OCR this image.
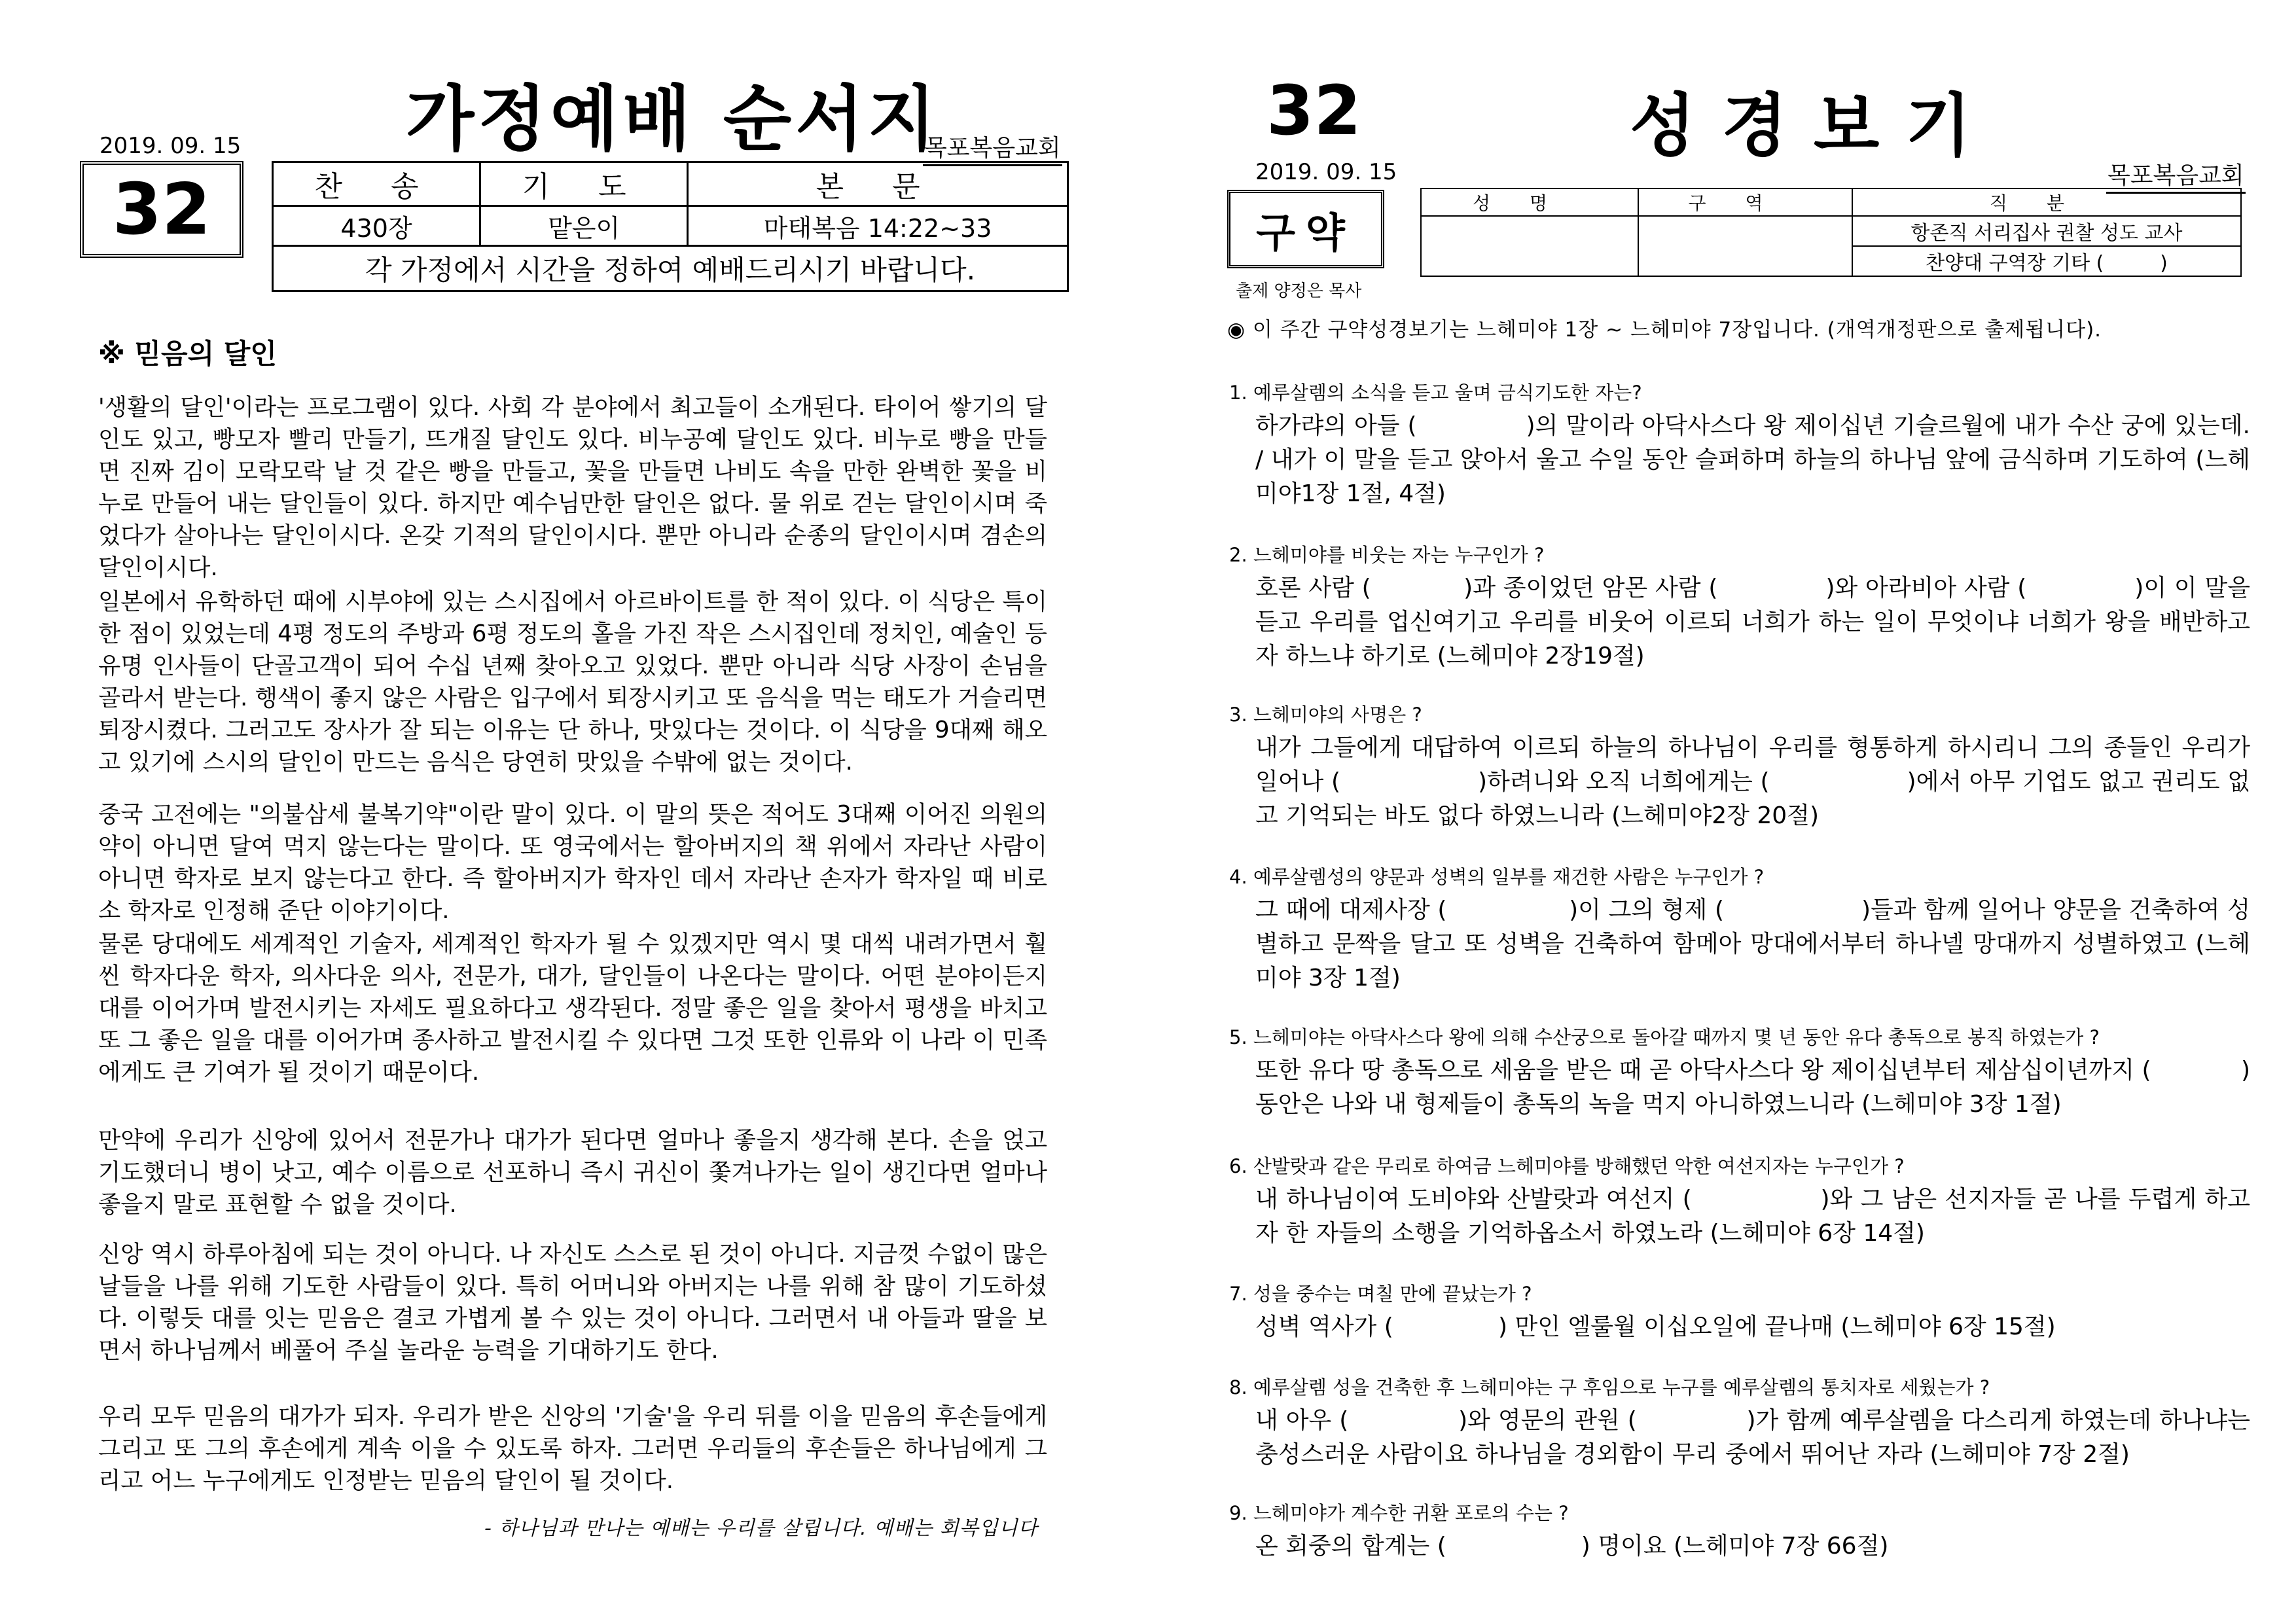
가정예배 순서지
2019. 09. 15	목포복음교회
32	찬 송	기 도	본 문
430장	맡은이	마태복음 14:22~33
각 가정에서 시간을 정하여 예배드리시기 바랍니다.		
※ 믿음의 달인

'생활의 달인'이라는 프로그램이 있다. 사회 각 분야에서 최고들이 소개된다. 타이어 쌓기의 달인도 있고, 빵모자 빨리 만들기, 뜨개질 달인도 있다. 비누공예 달인도 있다. 비누로 빵을 만들면 진짜 김이 모락모락 날 것 같은 빵을 만들고, 꽃을 만들면 나비도 속을 만한 완벽한 꽃을 비누로 만들어 내는 달인들이 있다. 하지만 예수님만한 달인은 없다. 물 위로 걷는 달인이시며 죽었다가 살아나는 달인이시다. 온갖 기적의 달인이시다. 뿐만 아니라 순종의 달인이시며 겸손의 달인이시다.

일본에서 유학하던 때에 시부야에 있는 스시집에서 아르바이트를 한 적이 있다. 이 식당은 특이한 점이 있었는데 4평 정도의 주방과 6평 정도의 홀을 가진 작은 스시집인데 정치인, 예술인 등 유명 인사들이 단골고객이 되어 수십 년째 찾아오고 있었다. 뿐만 아니라 식당 사장이 손님을 골라서 받는다. 행색이 좋지 않은 사람은 입구에서 퇴장시키고 또 음식을 먹는 태도가 거슬리면 퇴장시켰다. 그러고도 장사가 잘 되는 이유는 단 하나, 맛있다는 것이다. 이 식당을 9대째 해오고 있기에 스시의 달인이 만드는 음식은 당연히 맛있을 수밖에 없는 것이다.

중국 고전에는 "의불삼세 불복기약"이란 말이 있다. 이 말의 뜻은 적어도 3대째 이어진 의원의 약이 아니면 달여 먹지 않는다는 말이다. 또 영국에서는 할아버지의 책 위에서 자라난 사람이 아니면 학자로 보지 않는다고 한다. 즉 할아버지가 학자인 데서 자라난 손자가 학자일 때 비로소 학자로 인정해 준단 이야기이다.

물론 당대에도 세계적인 기술자, 세계적인 학자가 될 수 있겠지만 역시 몇 대씩 내려가면서 훨씬 학자다운 학자, 의사다운 의사, 전문가, 대가, 달인들이 나온다는 말이다. 어떤 분야이든지 대를 이어가며 발전시키는 자세도 필요하다고 생각된다. 정말 좋은 일을 찾아서 평생을 바치고 또 그 좋은 일을 대를 이어가며 종사하고 발전시킬 수 있다면 그것 또한 인류와 이 나라 이 민족에게도 큰 기여가 될 것이기 때문이다.

만약에 우리가 신앙에 있어서 전문가나 대가가 된다면 얼마나 좋을지 생각해 본다. 손을 얹고 기도했더니 병이 낫고, 예수 이름으로 선포하니 즉시 귀신이 쫓겨나가는 일이 생긴다면 얼마나 좋을지 말로 표현할 수 없을 것이다.

신앙 역시 하루아침에 되는 것이 아니다. 나 자신도 스스로 된 것이 아니다. 지금껏 수없이 많은 날들을 나를 위해 기도한 사람들이 있다. 특히 어머니와 아버지는 나를 위해 참 많이 기도하셨다. 이렇듯 대를 잇는 믿음은 결코 가볍게 볼 수 있는 것이 아니다. 그러면서 내 아들과 딸을 보면서 하나님께서 베풀어 주실 놀라운 능력을 기대하기도 한다.

우리 모두 믿음의 대가가 되자. 우리가 받은 신앙의 '기술'을 우리 뒤를 이을 믿음의 후손들에게 그리고 또 그의 후손에게 계속 이을 수 있도록 하자. 그러면 우리들의 후손들은 하나님에게 그리고 어느 누구에게도 인정받는 믿음의 달인이 될 것이다.

- 하나님과 만나는 예배는 우리를 살립니다. 예배는 회복입니다
32	성경보기
2019. 09. 15	목포복음교회
구약
출제 양정은 목사
성명	구역	직분
		항존직 서리집사 권찰 성도 교사
		찬양대 구역장 기타 (         )
◉ 이 주간 구약성경보기는 느헤미야 1장 ~ 느헤미야 7장입니다. (개역개정판으로 출제됩니다).
1. 예루살렘의 소식을 듣고 울며 금식기도한 자는?
하가랴의 아들 (              )의 말이라 아닥사스다 왕 제이십년 기슬르월에 내가 수산 궁에 있는데. / 내가 이 말을 듣고 앉아서 울고 수일 동안 슬퍼하며 하늘의 하나님 앞에 금식하며 기도하여 (느헤미야1장 1절, 4절)
2. 느헤미야를 비웃는 자는 누구인가 ?
호론 사람 (            )과 종이었던 암몬 사람 (              )와 아라비아 사람 (              )이 이 말을 듣고 우리를 업신여기고 우리를 비웃어 이르되 너희가 하는 일이 무엇이냐 너희가 왕을 배반하고자 하느냐 하기로 (느헤미야 2장19절)
3. 느헤미야의 사명은 ?
내가 그들에게 대답하여 이르되 하늘의 하나님이 우리를 형통하게 하시리니 그의 종들인 우리가 일어나 (                  )하려니와 오직 너희에게는 (                  )에서 아무 기업도 없고 권리도 없고 기억되는 바도 없다 하였느니라 (느헤미야2장 20절)
4. 예루살렘성의 양문과 성벽의 일부를 재건한 사람은 누구인가 ?
그 때에 대제사장 (                )이 그의 형제 (                  )들과 함께 일어나 양문을 건축하여 성별하고 문짝을 달고 또 성벽을 건축하여 함메아 망대에서부터 하나넬 망대까지 성별하였고 (느헤미야 3장 1절)
5. 느헤미야는 아닥사스다 왕에 의해 수산궁으로 돌아갈 때까지 몇 년 동안 유다 총독으로 봉직 하였는가 ?
또한 유다 땅 총독으로 세움을 받은 때 곧 아닥사스다 왕 제이십년부터 제삼십이년까지 (            ) 동안은 나와 내 형제들이 총독의 녹을 먹지 아니하였느니라 (느헤미야 3장 1절)
6. 산발랏과 같은 무리로 하여금 느헤미야를 방해했던 악한 여선지자는 누구인가 ?
내 하나님이여 도비야와 산발랏과 여선지 (                )와 그 남은 선지자들 곧 나를 두렵게 하고자 한 자들의 소행을 기억하옵소서 하였노라 (느헤미야 6장 14절)
7. 성을 중수는 며칠 만에 끝났는가 ?
성벽 역사가 (              ) 만인 엘룰월 이십오일에 끝나매 (느헤미야 6장 15절)
8. 예루살렘 성을 건축한 후 느헤미야는 구 후임으로 누구를 예루살렘의 통치자로 세웠는가 ?
내 아우 (              )와 영문의 관원 (              )가 함께 예루살렘을 다스리게 하였는데 하나냐는 충성스러운 사람이요 하나님을 경외함이 무리 중에서 뛰어난 자라 (느헤미야 7장 2절)
9. 느헤미야가 계수한 귀환 포로의 수는 ?
온 회중의 합계는 (                  ) 명이요 (느헤미야 7장 66절)
